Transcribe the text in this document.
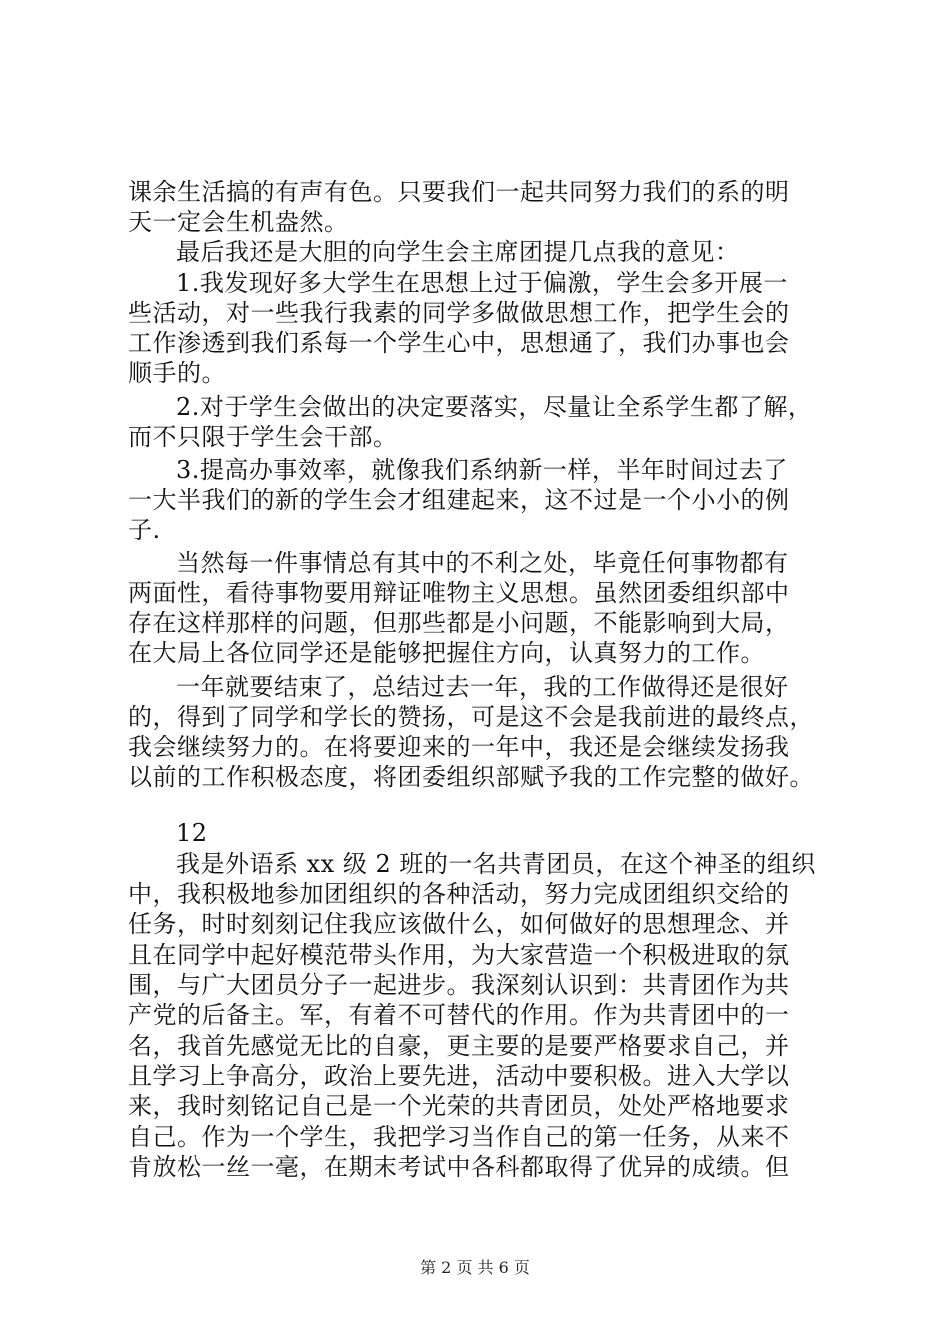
课余生活搞的有声有色。只要我们一起共同努力我们的系的明
天一定会生机盎然。
最后我还是大胆的向学生会主席团提几点我的意见：
1.我发现好多大学生在思想上过于偏激，学生会多开展一
些活动，对一些我行我素的同学多做做思想工作，把学生会的
工作渗透到我们系每一个学生心中，思想通了，我们办事也会
顺手的。
2.对于学生会做出的决定要落实，尽量让全系学生都了解，
而不只限于学生会干部。
3.提高办事效率，就像我们系纳新一样，半年时间过去了
一大半我们的新的学生会才组建起来，这不过是一个小小的例
子.
当然每一件事情总有其中的不利之处，毕竟任何事物都有
两面性，看待事物要用辩证唯物主义思想。虽然团委组织部中
存在这样那样的问题，但那些都是小问题，不能影响到大局，
在大局上各位同学还是能够把握住方向，认真努力的工作。
一年就要结束了，总结过去一年，我的工作做得还是很好
的，得到了同学和学长的赞扬，可是这不会是我前进的最终点，
我会继续努力的。在将要迎来的一年中，我还是会继续发扬我
以前的工作积极态度，将团委组织部赋予我的工作完整的做好。
12
我是外语系 xx 级 2 班的一名共青团员，在这个神圣的组织
中，我积极地参加团组织的各种活动，努力完成团组织交给的
任务，时时刻刻记住我应该做什么，如何做好的思想理念、并
且在同学中起好模范带头作用，为大家营造一个积极进取的氛
围，与广大团员分子一起进步。我深刻认识到：共青团作为共
产党的后备主。军，有着不可替代的作用。作为共青团中的一
名，我首先感觉无比的自豪，更主要的是要严格要求自己，并
且学习上争高分，政治上要先进，活动中要积极。进入大学以
来，我时刻铭记自己是一个光荣的共青团员，处处严格地要求
自己。作为一个学生，我把学习当作自己的第一任务，从来不
肯放松一丝一毫，在期末考试中各科都取得了优异的成绩。但
第 2 页 共 6 页
